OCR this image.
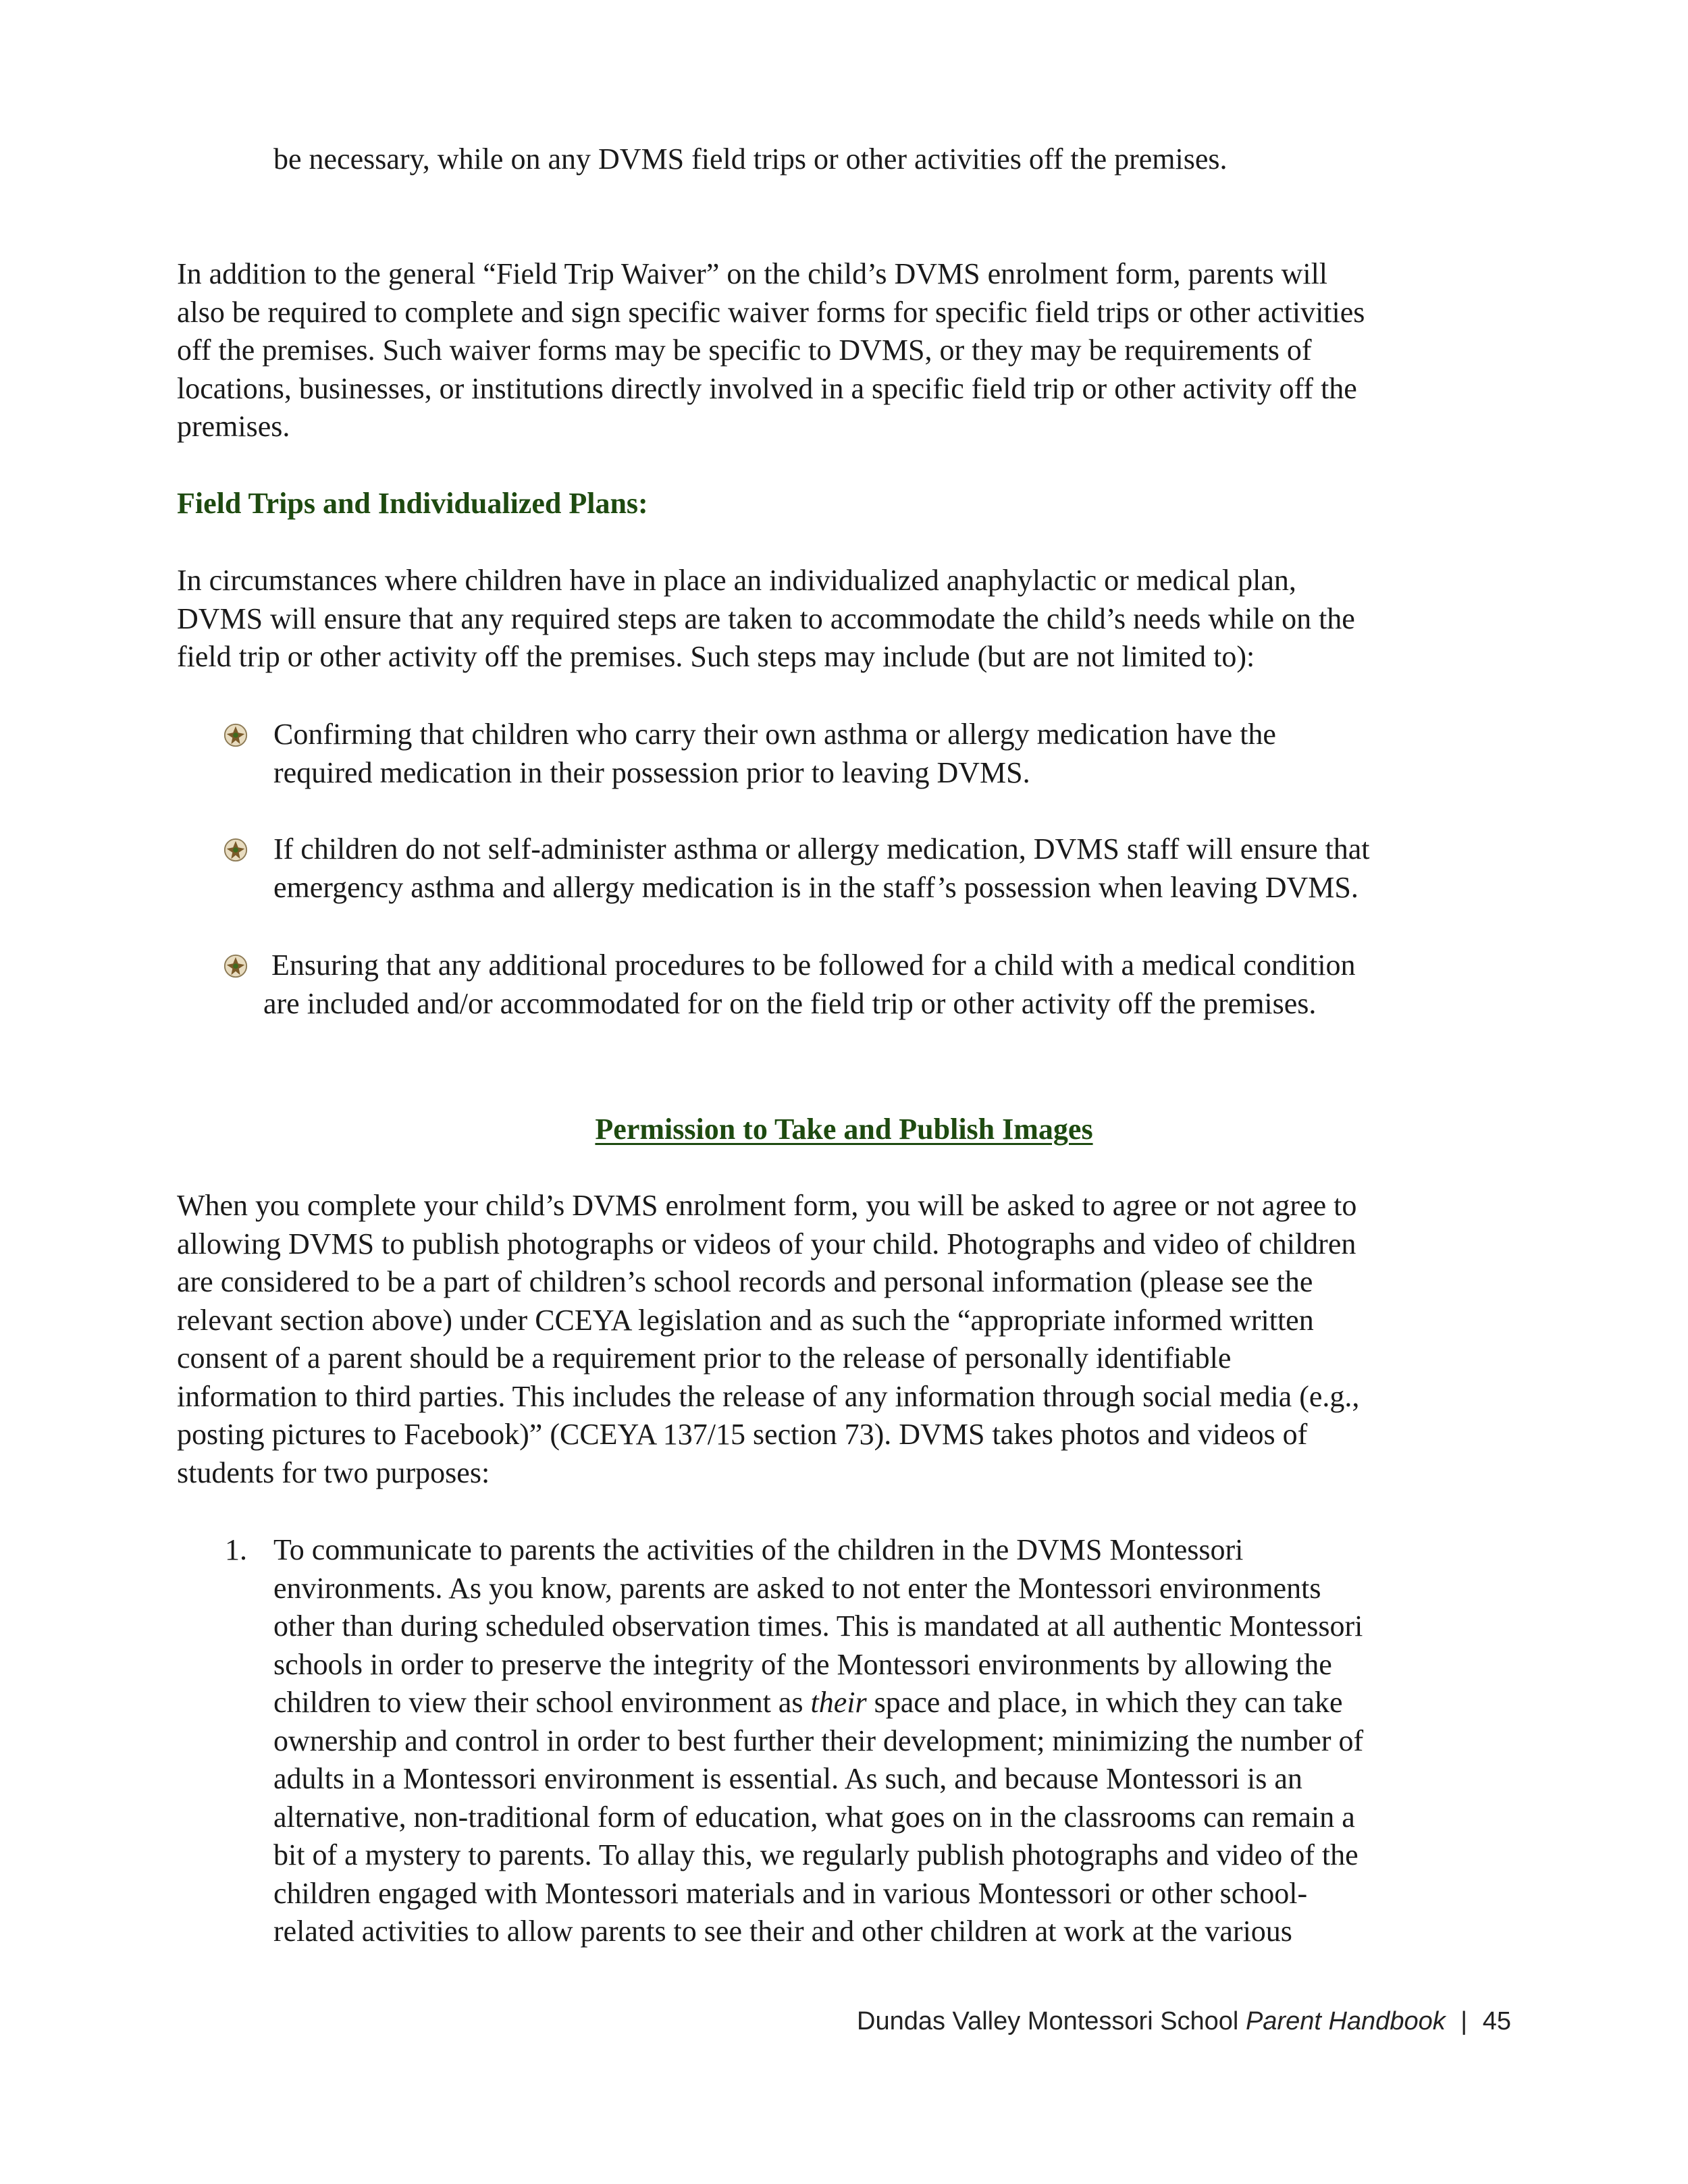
be necessary, while on any DVMS field trips or other activities off the premises.

In addition to the general “Field Trip Waiver” on the child’s DVMS enrolment form, parents will
also be required to complete and sign specific waiver forms for specific field trips or other activities
off the premises. Such waiver forms may be specific to DVMS, or they may be requirements of
locations, businesses, or institutions directly involved in a specific field trip or other activity off the
premises.

Field Trips and Individualized Plans:

In circumstances where children have in place an individualized anaphylactic or medical plan,
DVMS will ensure that any required steps are taken to accommodate the child’s needs while on the
field trip or other activity off the premises. Such steps may include (but are not limited to):

Confirming that children who carry their own asthma or allergy medication have the
required medication in their possession prior to leaving DVMS.

If children do not self-administer asthma or allergy medication, DVMS staff will ensure that
emergency asthma and allergy medication is in the staff’s possession when leaving DVMS.

Ensuring that any additional procedures to be followed for a child with a medical condition
are included and/or accommodated for on the field trip or other activity off the premises.

Permission to Take and Publish Images

When you complete your child’s DVMS enrolment form, you will be asked to agree or not agree to
allowing DVMS to publish photographs or videos of your child. Photographs and video of children
are considered to be a part of children’s school records and personal information (please see the
relevant section above) under CCEYA legislation and as such the “appropriate informed written
consent of a parent should be a requirement prior to the release of personally identifiable
information to third parties. This includes the release of any information through social media (e.g.,
posting pictures to Facebook)” (CCEYA 137/15 section 73). DVMS takes photos and videos of
students for two purposes:

1. To communicate to parents the activities of the children in the DVMS Montessori
environments. As you know, parents are asked to not enter the Montessori environments
other than during scheduled observation times. This is mandated at all authentic Montessori
schools in order to preserve the integrity of the Montessori environments by allowing the
children to view their school environment as their space and place, in which they can take
ownership and control in order to best further their development; minimizing the number of
adults in a Montessori environment is essential. As such, and because Montessori is an
alternative, non-traditional form of education, what goes on in the classrooms can remain a
bit of a mystery to parents. To allay this, we regularly publish photographs and video of the
children engaged with Montessori materials and in various Montessori or other school-
related activities to allow parents to see their and other children at work at the various

Dundas Valley Montessori School Parent Handbook | 45
